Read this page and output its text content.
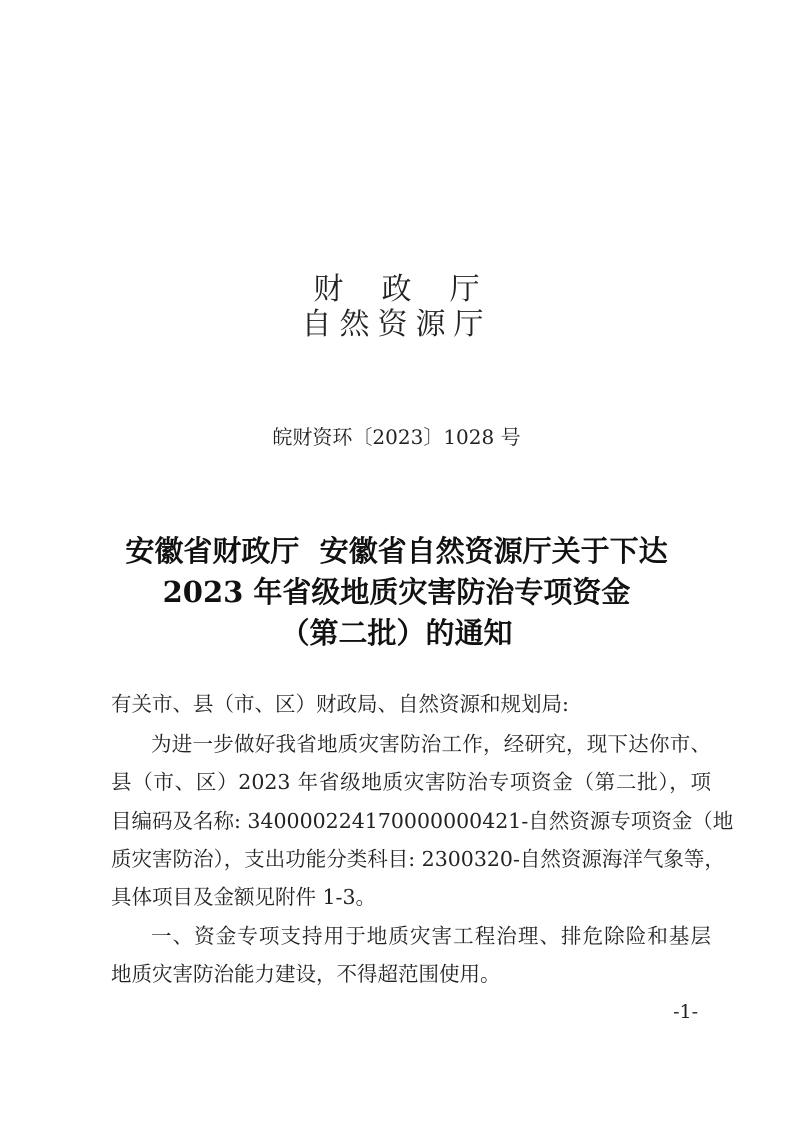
财    政    厅
自然资源厅
皖财资环〔2023〕1028 号
安徽省财政厅  安徽省自然资源厅关于下达
2023 年省级地质灾害防治专项资金
（第二批）的通知
有关市、县（市、区）财政局、自然资源和规划局:
为进一步做好我省地质灾害防治工作，经研究，现下达你市、
县（市、区）2023 年省级地质灾害防治专项资金（第二批），项
目编码及名称: 340000224170000000421-自然资源专项资金（地
质灾害防治），支出功能分类科目: 2300320-自然资源海洋气象等，
具体项目及金额见附件 1-3。
一、资金专项支持用于地质灾害工程治理、排危除险和基层
地质灾害防治能力建设，不得超范围使用。
-1-
